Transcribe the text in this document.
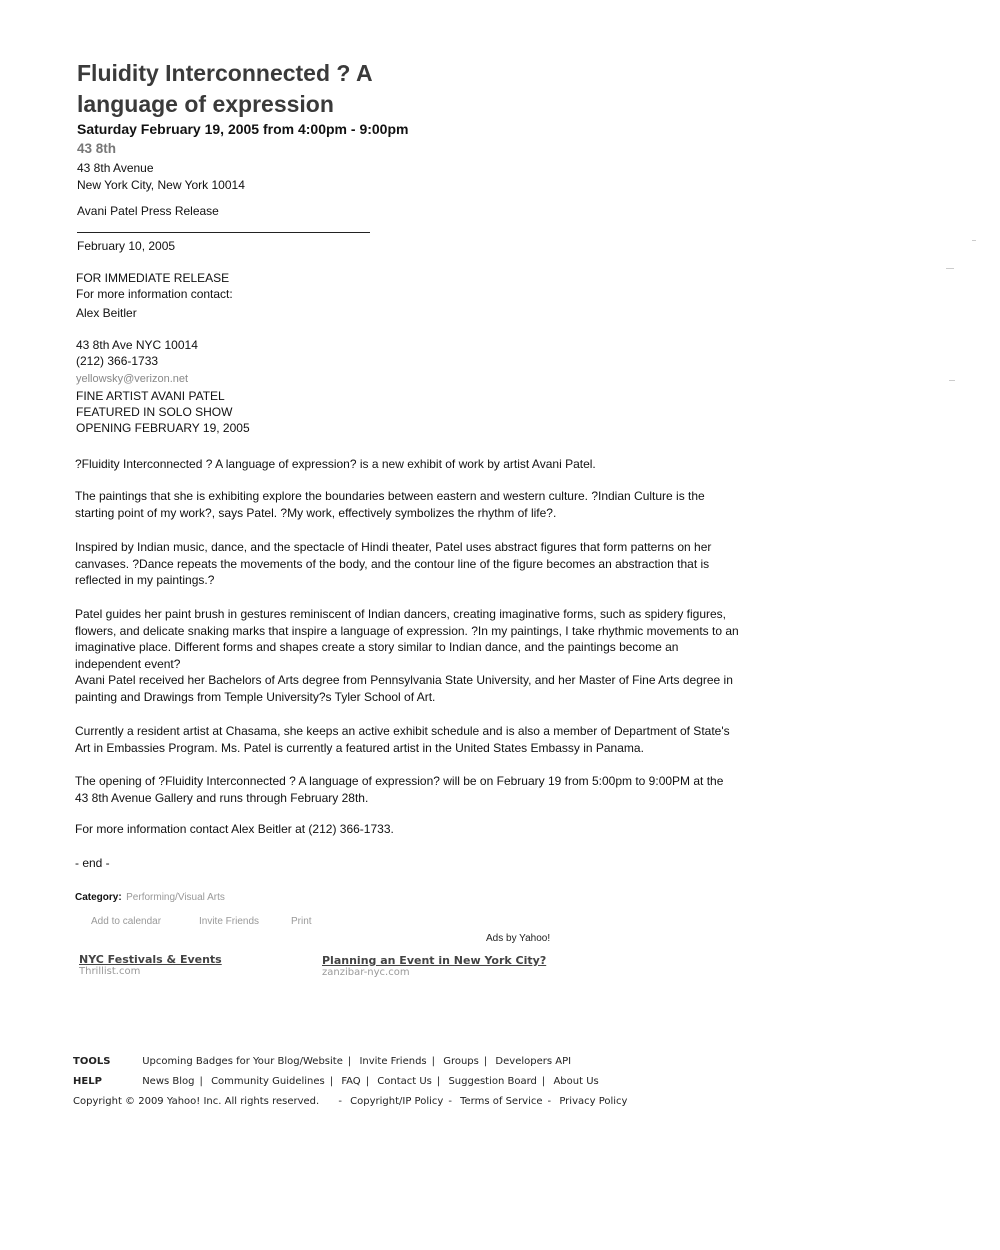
Fluidity Interconnected ? A language of expression
Saturday February 19, 2005 from 4:00pm - 9:00pm
43 8th
43 8th Avenue
New York City, New York 10014
Avani Patel Press Release
February 10, 2005
FOR IMMEDIATE RELEASE
For more information contact:
Alex Beitler
43 8th Ave NYC 10014
(212) 366-1733
yellowsky@verizon.net
FINE ARTIST AVANI PATEL
FEATURED IN SOLO SHOW
OPENING FEBRUARY 19, 2005

?Fluidity Interconnected ? A language of expression? is a new exhibit of work by artist Avani Patel.

The paintings that she is exhibiting explore the boundaries between eastern and western culture. ?Indian Culture is the starting point of my work?, says Patel. ?My work, effectively symbolizes the rhythm of life?.

Inspired by Indian music, dance, and the spectacle of Hindi theater, Patel uses abstract figures that form patterns on her canvases. ?Dance repeats the movements of the body, and the contour line of the figure becomes an abstraction that is reflected in my paintings.?

Patel guides her paint brush in gestures reminiscent of Indian dancers, creating imaginative forms, such as spidery figures, flowers, and delicate snaking marks that inspire a language of expression. ?In my paintings, I take rhythmic movements to an imaginative place. Different forms and shapes create a story similar to Indian dance, and the paintings become an independent event?

Avani Patel received her Bachelors of Arts degree from Pennsylvania State University, and her Master of Fine Arts degree in painting and Drawings from Temple University?s Tyler School of Art.

Currently a resident artist at Chasama, she keeps an active exhibit schedule and is also a member of Department of State's Art in Embassies Program. Ms. Patel is currently a featured artist in the United States Embassy in Panama.

The opening of ?Fluidity Interconnected ? A language of expression? will be on February 19 from 5:00pm to 9:00PM at the 43 8th Avenue Gallery and runs through February 28th.

For more information contact Alex Beitler at (212) 366-1733.

- end -
Category: Performing/Visual Arts
Add to calendar	Invite Friends	Print
Ads by Yahoo!
NYC Festivals & Events
Thrillist.com
Planning an Event in New York City?
zanzibar-nyc.com
TOOLS	Upcoming Badges for Your Blog/Website | Invite Friends | Groups | Developers API
HELP	News Blog | Community Guidelines | FAQ | Contact Us | Suggestion Board | About Us
Copyright © 2009 Yahoo! Inc. All rights reserved. - Copyright/IP Policy - Terms of Service - Privacy Policy
